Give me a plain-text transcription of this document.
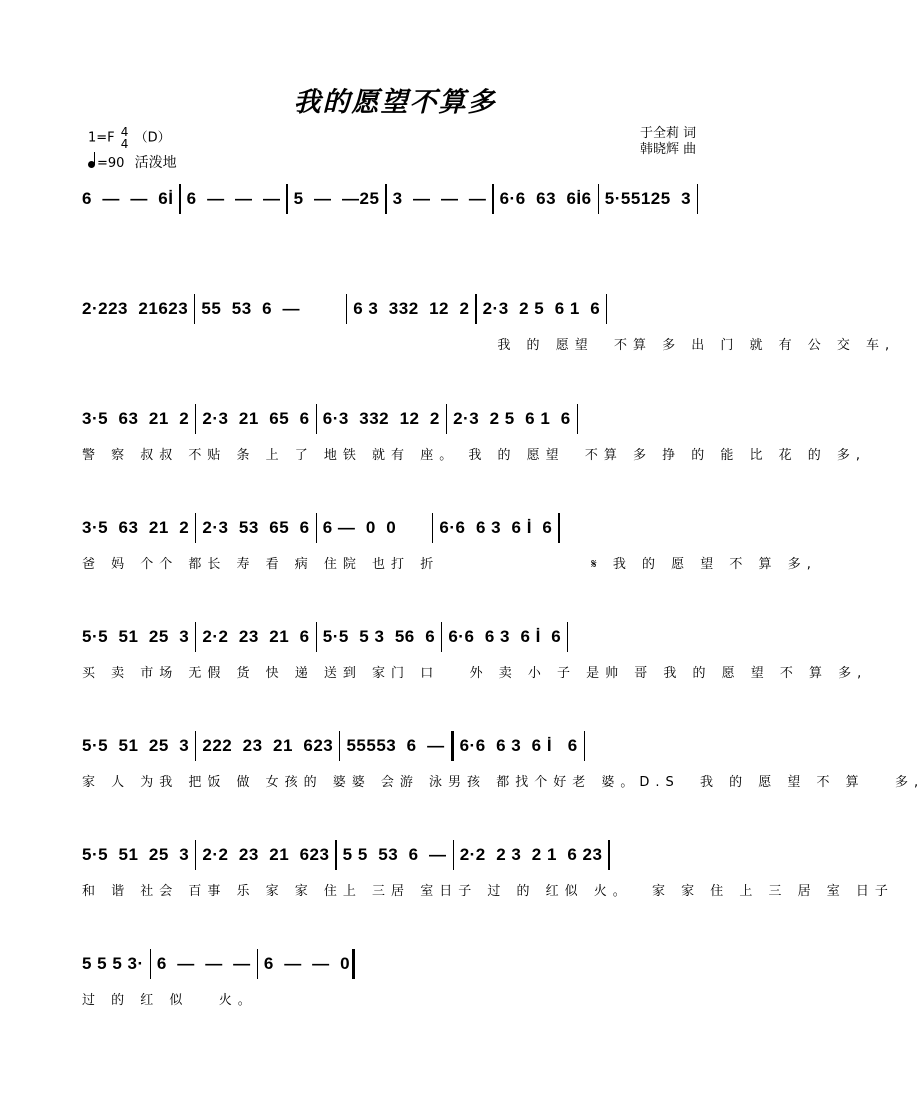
我的愿望不算多
1=F 4
4 （D）
=90 活泼地
于全莉 词
韩晓辉 曲
6  —  —  6İ 6  —  —  — 5  —  —25 3  —  —  — 6·6  63  6İ6 5·55125  3
2·223  21623 55  53  6  —	6 3  332  12  2 2·3  2 5  6 1  6
我 的 愿望  不算 多 出 门 就 有 公 交 车,
3·5  63  21  2 2·3  21  65  6 6·3  332  12  2 2·3  2 5  6 1  6
警 察 叔叔 不贴 条 上 了 地铁 就有 座。 我 的 愿望  不算 多 挣 的 能 比 花 的 多,
3·5  63  21  2 2·3  53  65  6 6 —  0  0	6·6  6 3  6 İ  6
爸 妈 个个 都长 寿 看 病 住院 也打 折               𝄋 我 的 愿 望 不 算 多,
5·5  51  25  3 2·2  23  21  6 5·5  5 3  56  6 6·6  6 3  6 İ  6
买 卖 市场 无假 货 快 递 送到 家门 口   外 卖 小 子 是帅 哥 我 的 愿 望 不 算 多,
5·5  51  25  3 222  23  21  623 55553  6  — 6·6  6 3  6 İ   6
家 人 为我 把饭 做 女孩的 婆婆 会游 泳男孩 都找个好老 婆。D.S  我 的 愿 望 不 算   多,
5·5  51  25  3 2·2  23  21  623 5 5  53  6  — 2·2  2 3  2 1  6 23
和 谐 社会 百事 乐 家 家 住上 三居 室日子 过 的 红似 火。  家 家 住 上 三 居 室 日子
5 5 5 3· 6  —  —  — 6  —  —  0
过 的 红 似   火。
